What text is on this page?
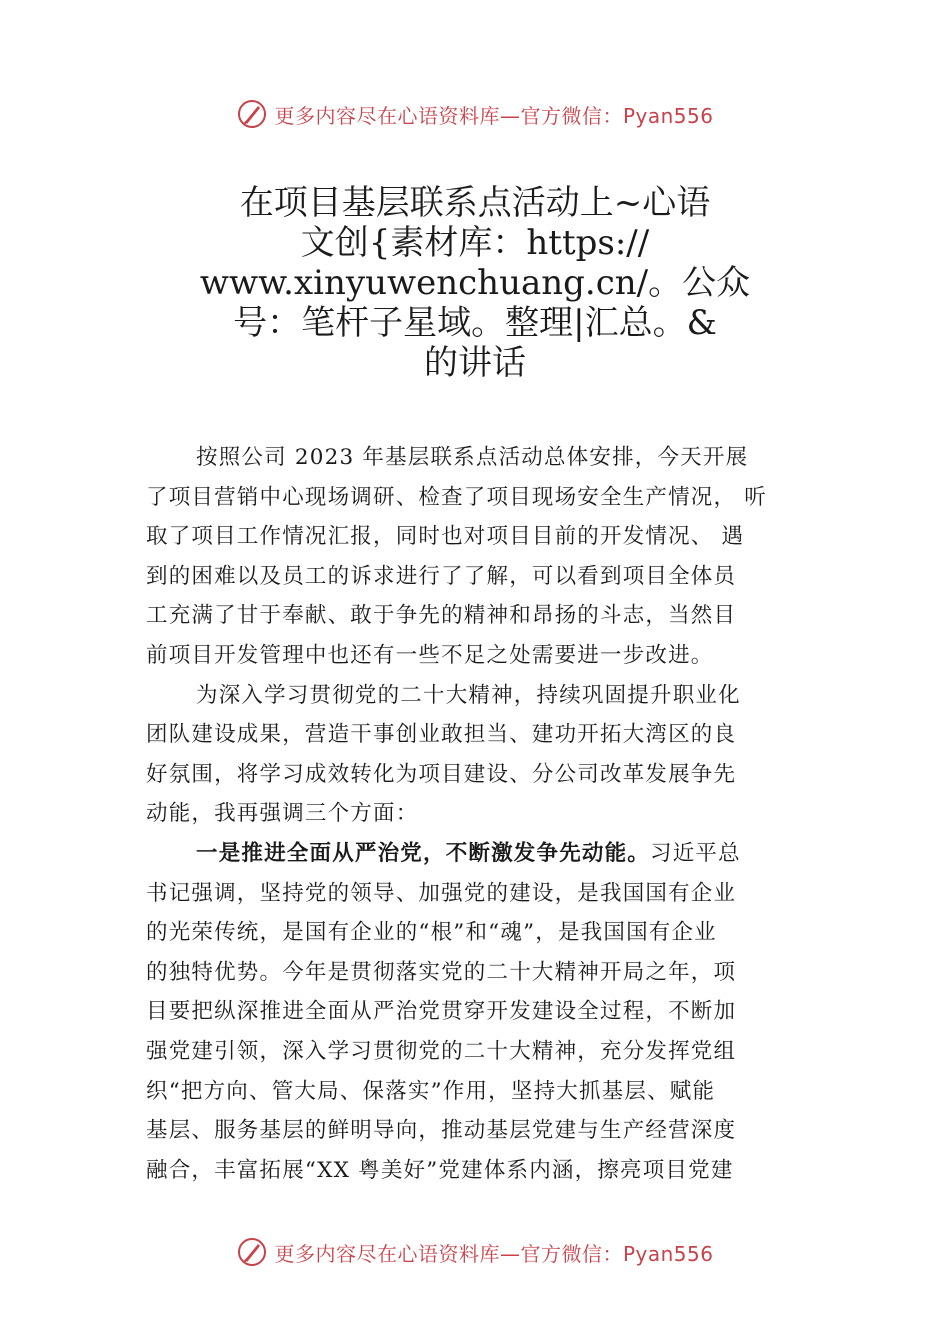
更多内容尽在心语资料库—官方微信：Pyan556
在项目基层联系点活动上~心语
文创{素材库：https://
www.xinyuwenchuang.cn/。公众
号：笔杆子星域。整理|汇总。&
的讲话
按照公司 2023 年基层联系点活动总体安排，今天开展
了项目营销中心现场调研、检查了项目现场安全生产情况， 听
取了项目工作情况汇报，同时也对项目目前的开发情况、 遇
到的困难以及员工的诉求进行了了解，可以看到项目全体员
工充满了甘于奉献、敢于争先的精神和昂扬的斗志，当然目
前项目开发管理中也还有一些不足之处需要进一步改进。
为深入学习贯彻党的二十大精神，持续巩固提升职业化
团队建设成果，营造干事创业敢担当、建功开拓大湾区的良
好氛围，将学习成效转化为项目建设、分公司改革发展争先
动能，我再强调三个方面：
一是推进全面从严治党，不断激发争先动能。习近平总
书记强调，坚持党的领导、加强党的建设，是我国国有企业
的光荣传统，是国有企业的“根”和“魂”，是我国国有企业
的独特优势。今年是贯彻落实党的二十大精神开局之年，项
目要把纵深推进全面从严治党贯穿开发建设全过程，不断加
强党建引领，深入学习贯彻党的二十大精神，充分发挥党组
织“把方向、管大局、保落实”作用，坚持大抓基层、赋能
基层、服务基层的鲜明导向，推动基层党建与生产经营深度
融合，丰富拓展“XX 粤美好”党建体系内涵，擦亮项目党建
更多内容尽在心语资料库—官方微信：Pyan556
